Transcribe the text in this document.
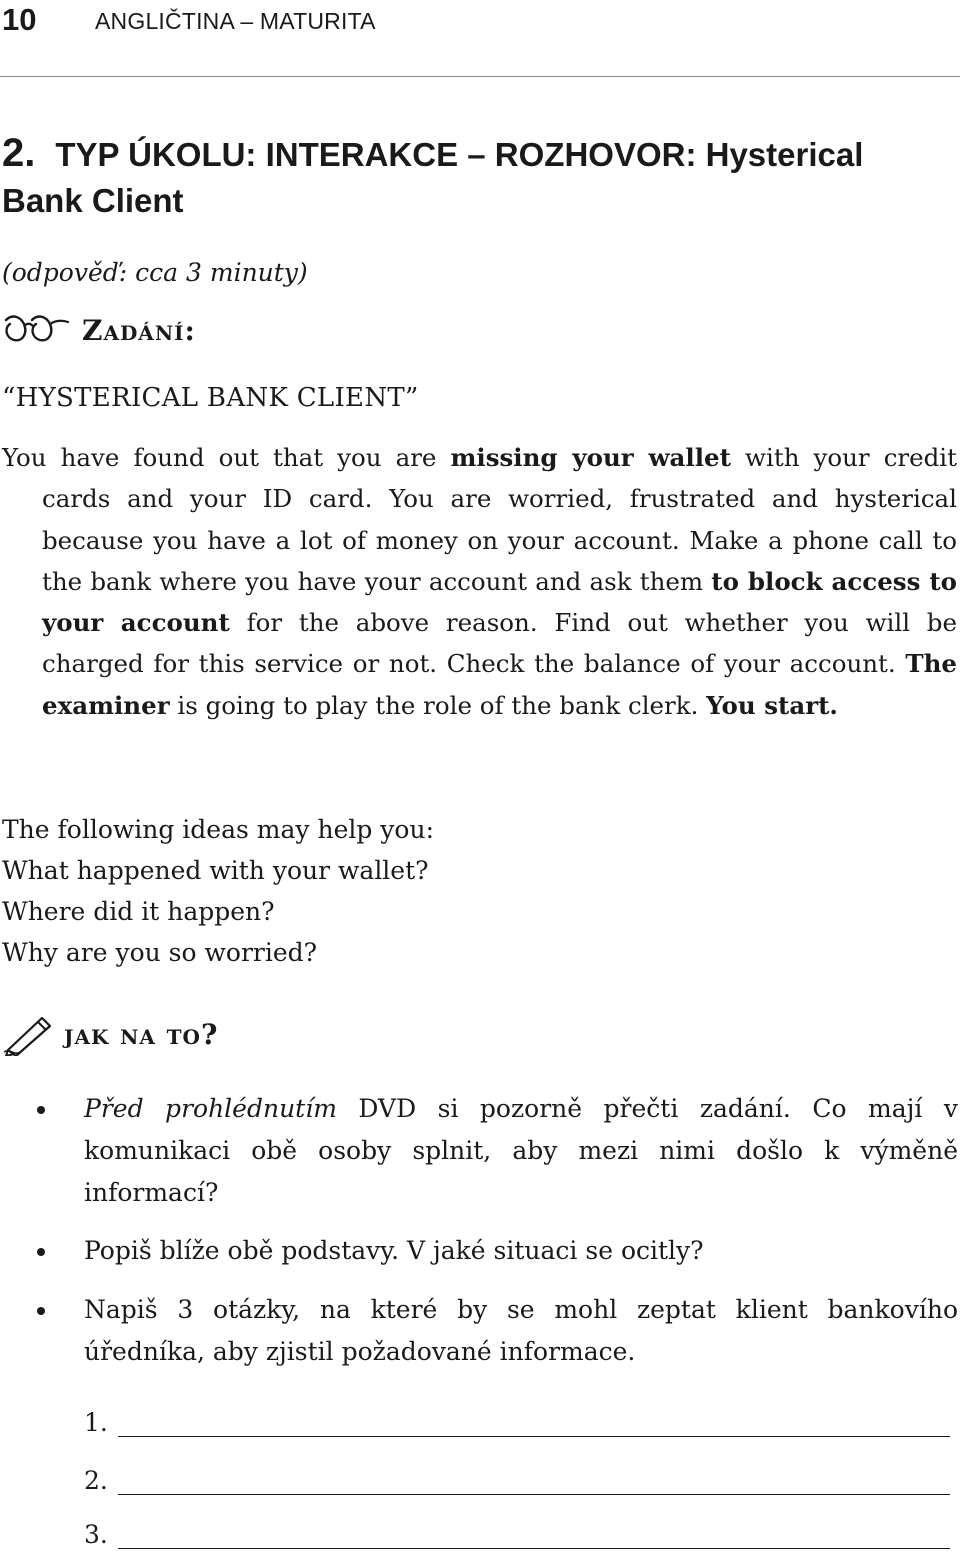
10	ANGLIČTINA – MATURITA
2. TYP ÚKOLU: INTERAKCE – ROZHOVOR: Hysterical Bank Client
(odpověď: cca 3 minuty)
Zadání:
“HYSTERICAL BANK CLIENT”

You have found out that you are missing your wallet with your credit cards and your ID card. You are worried, frustrated and hysterical because you have a lot of money on your account. Make a phone call to the bank where you have your account and ask them to block access to your account for the above reason. Find out whether you will be charged for this service or not. Check the balance of your account. The examiner is going to play the role of the bank clerk. You start.

The following ideas may help you:
What happened with your wallet?
Where did it happen?
Why are you so worried?
jak na to?
Před prohlédnutím DVD si pozorně přečti zadání. Co mají v komunikaci obě osoby splnit, aby mezi nimi došlo k výměně informací?
Popiš blíže obě podstavy. V jaké situaci se ocitly?
Napiš 3 otázky, na které by se mohl zeptat klient bankovího úředníka, aby zjistil požadované informace.
1.
2.
3.
